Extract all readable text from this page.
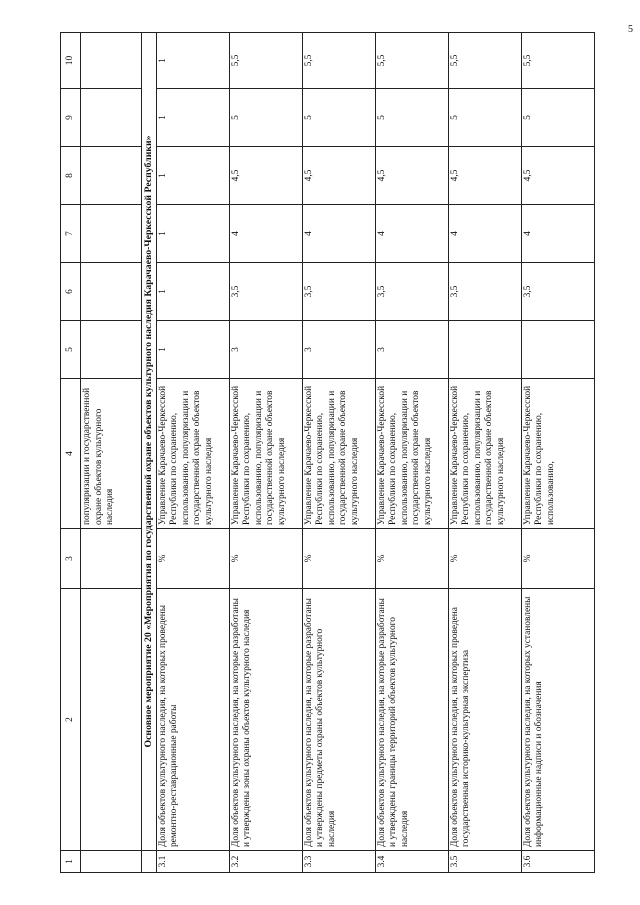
5
1	2	3	4	5	6	7	8	9	10
			популяризации и государственной охране объектов культурного наследия						
	Основное мероприятие 20 «Мероприятия по государственной охране объектов культурного наследия Карачаево-Черкесской Республики»								
3.1	Доля объектов культурного наследия, на которых проведены ремонтно-реставрационные работы	%	Управление Карачаево-Черкесской Республики по сохранению, использованию, популяризации и государственной охране объектов культурного наследия	1	1	1	1	1	1
3.2	Доля объектов культурного наследия, на которые разработаны и утверждены зоны охраны объектов культурного наследия	%	Управление Карачаево-Черкесской Республики по сохранению, использованию, популяризации и государственной охране объектов культурного наследия	3	3,5	4	4,5	5	5,5
3.3	Доля объектов культурного наследия, на которые разработаны и утверждены предметы охраны объектов культурного наследия	%	Управление Карачаево-Черкесской Республики по сохранению, использованию, популяризации и государственной охране объектов культурного наследия	3	3,5	4	4,5	5	5,5
3.4	Доля объектов культурного наследия, на которые разработаны и утверждены границы территорий объектов культурного наследия	%	Управление Карачаево-Черкесской Республики по сохранению, использованию, популяризации и государственной охране объектов культурного наследия	3	3,5	4	4,5	5	5,5
3.5	Доля объектов культурного наследия, на которых проведена государственная историко-культурная экспертиза	%	Управление Карачаево-Черкесской Республики по сохранению, использованию, популяризации и государственной охране объектов культурного наследия		3,5	4	4,5	5	5,5
3.6	Доля объектов культурного наследия, на которых установлены информационные надписи и обозначения	%	Управление Карачаево-Черкесской Республики по сохранению, использованию,		3,5	4	4,5	5	5,5
